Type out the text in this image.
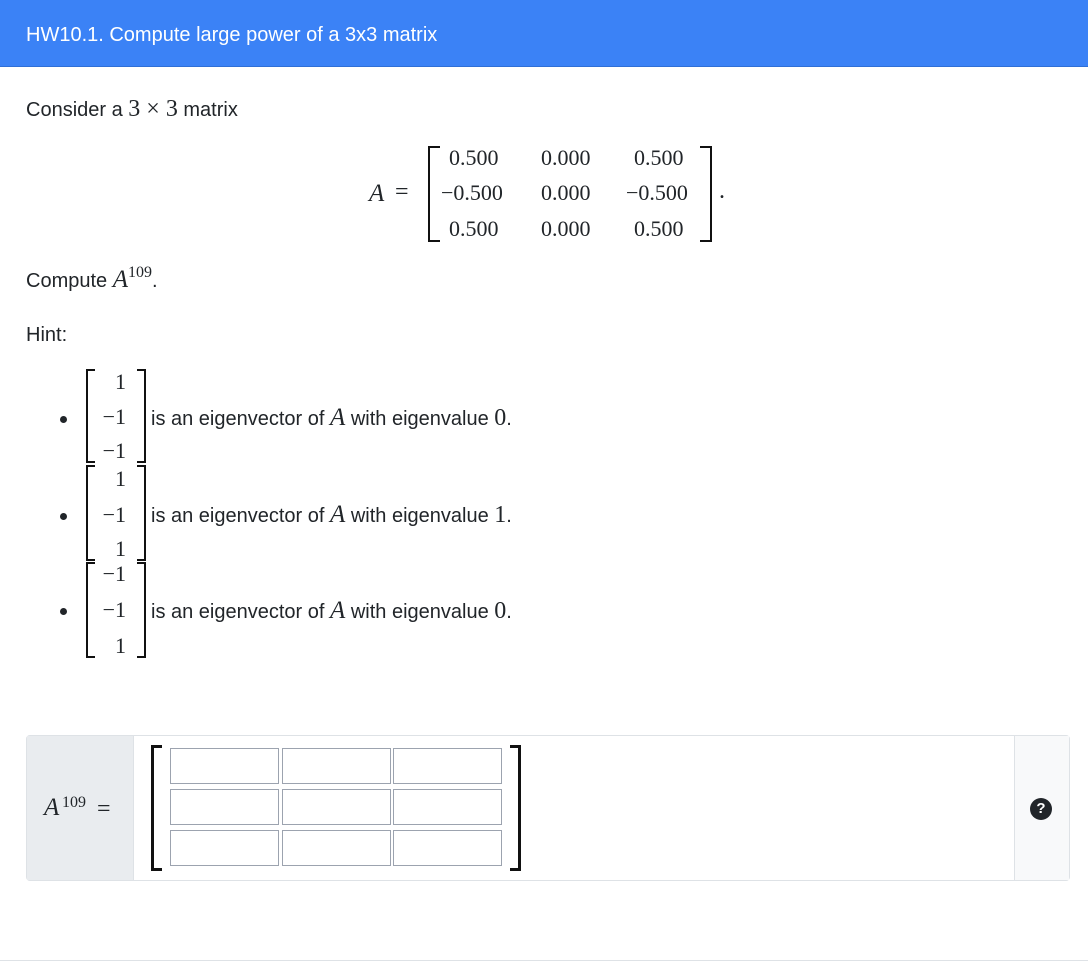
HW10.1. Compute large power of a 3x3 matrix
Consider a 3 × 3 matrix
A =
0.500 0.000 0.500
−0.500 0.000 −0.500
0.500 0.000 0.500
.
Compute $A^{109}$.
Hint:
1
−1
−1
is an eigenvector of A with eigenvalue 0.
1
−1
1
is an eigenvector of A with eigenvalue 1.
−1
−1
1
is an eigenvector of A with eigenvalue 0.
A 109 =	?
